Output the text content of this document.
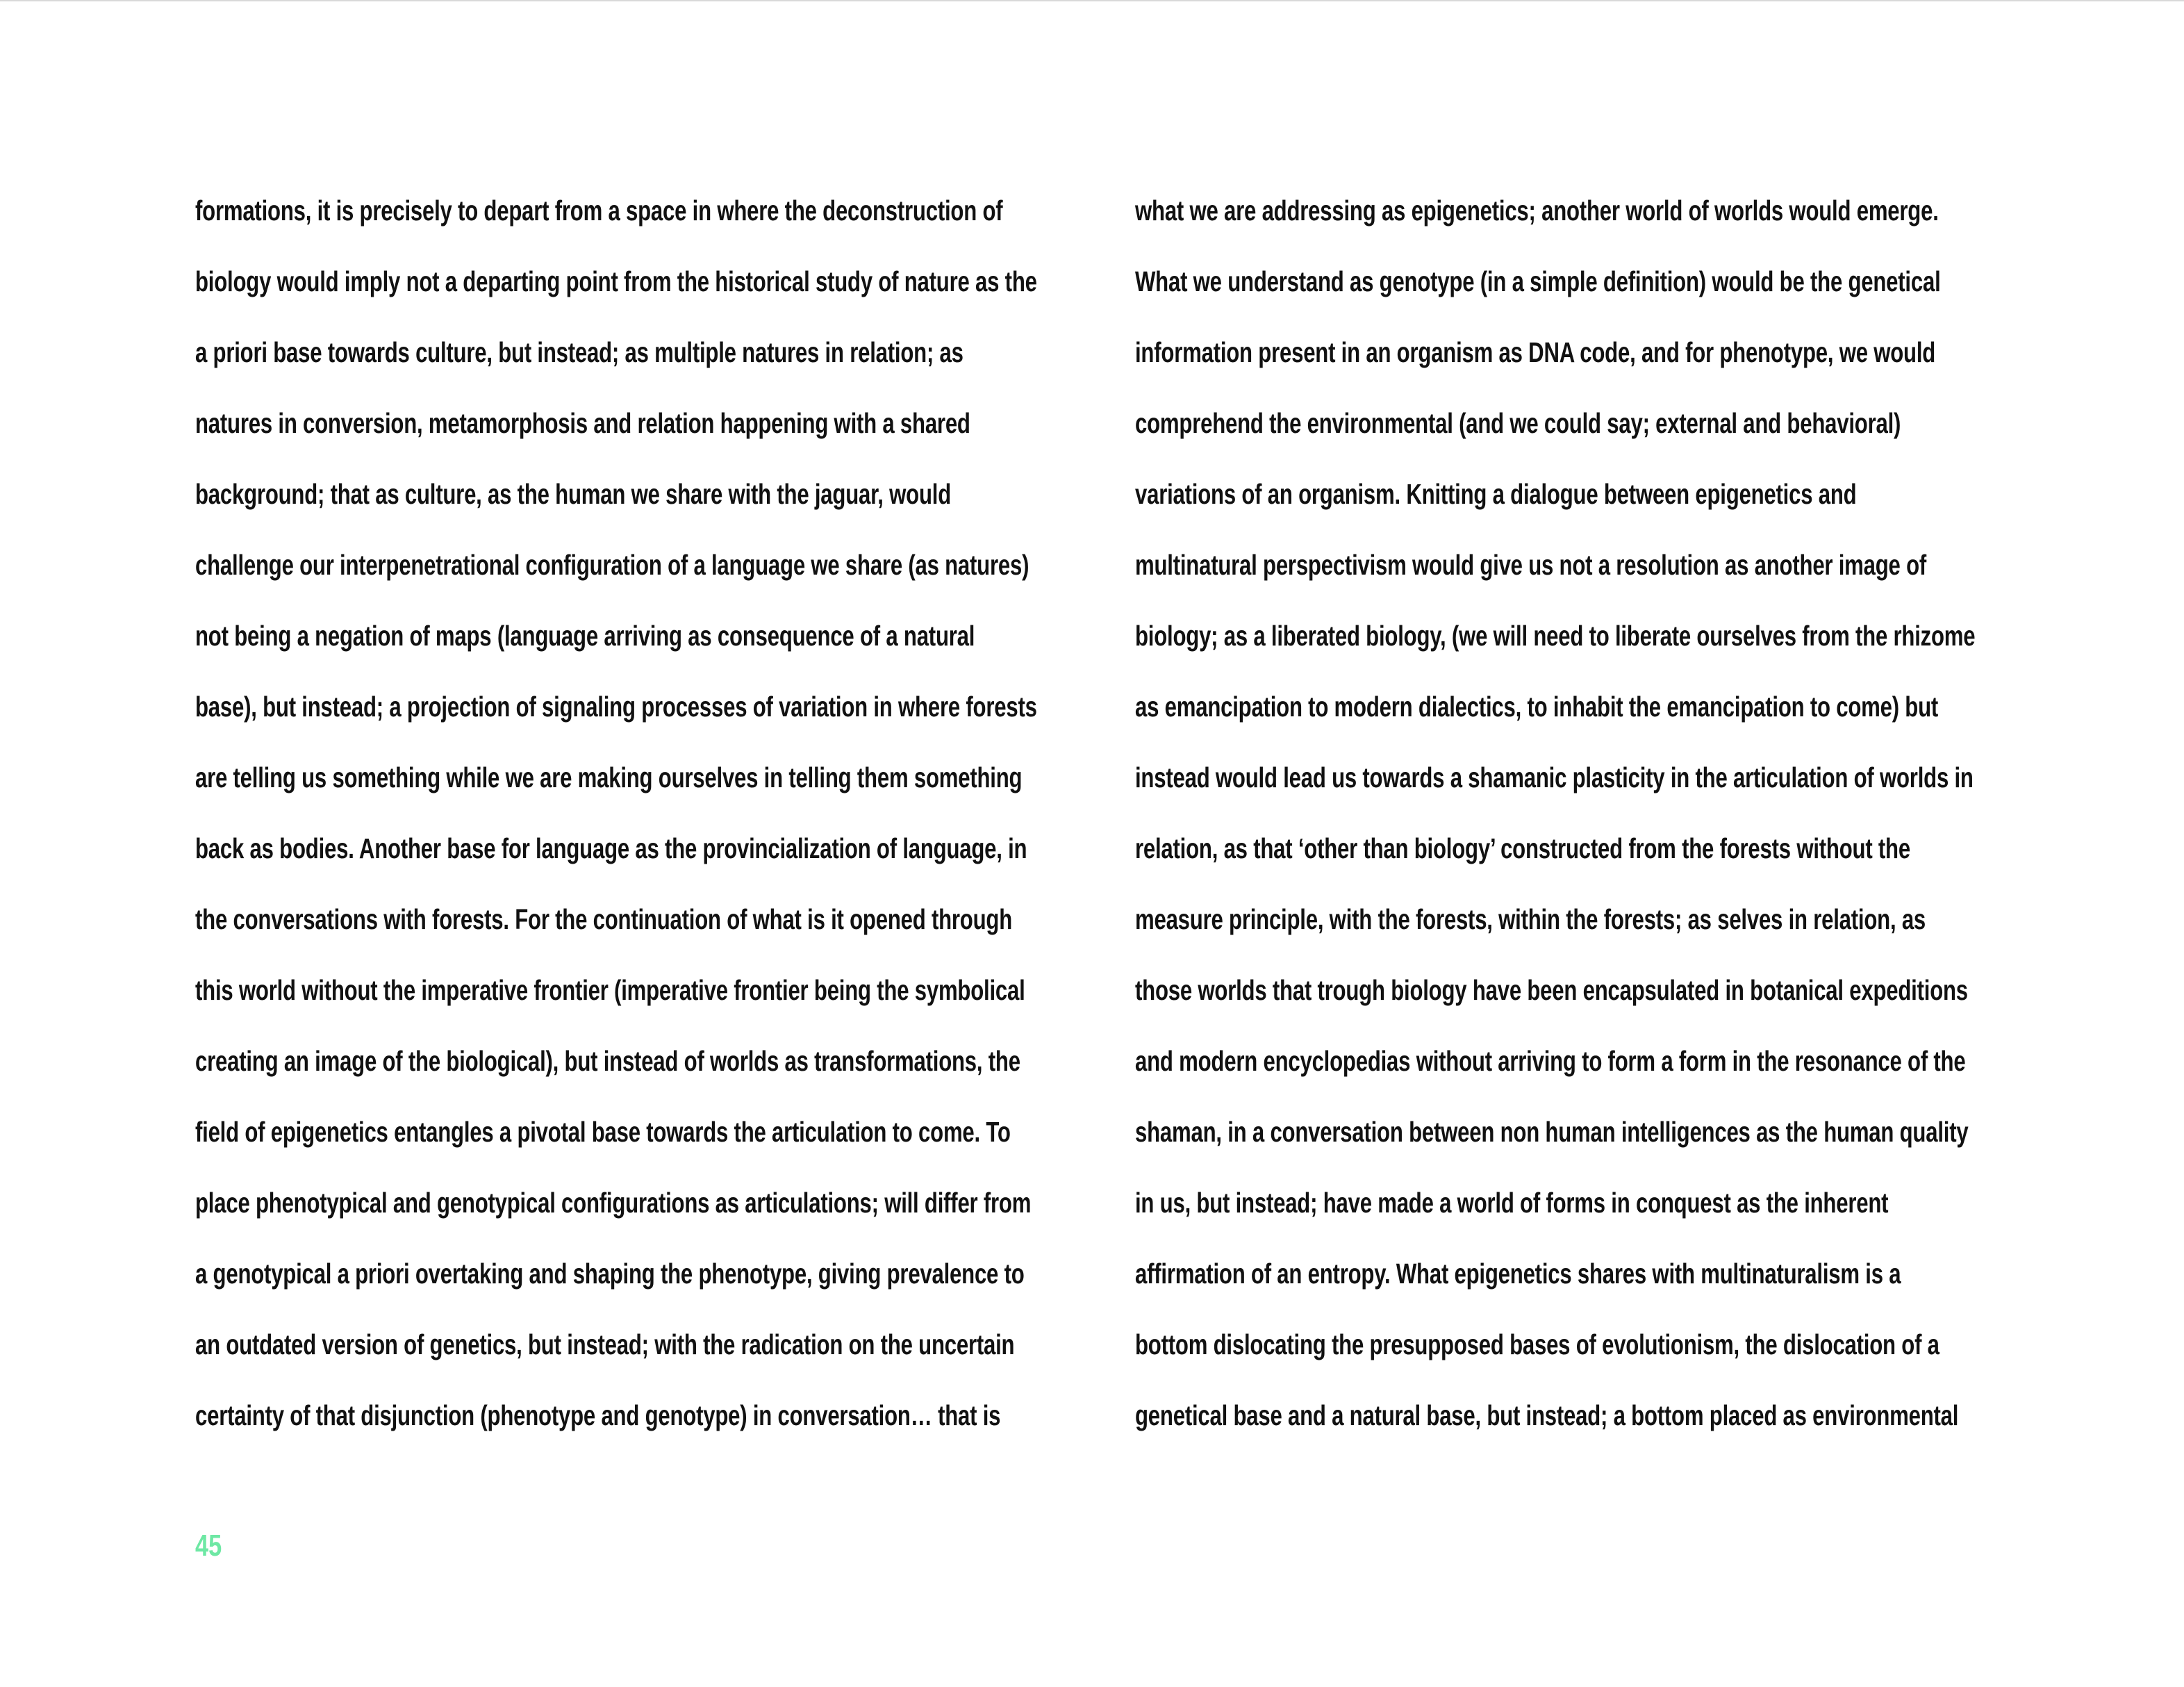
formations, it is precisely to depart from a space in where the deconstruction of
biology would imply not a departing point from the historical study of nature as the
a priori base towards culture, but instead; as multiple natures in relation; as
natures in conversion, metamorphosis and relation happening with a shared
background; that as culture, as the human we share with the jaguar, would
challenge our interpenetrational configuration of a language we share (as natures)
not being a negation of maps (language arriving as consequence of a natural
base), but instead; a projection of signaling processes of variation in where forests
are telling us something while we are making ourselves in telling them something
back as bodies. Another base for language as the provincialization of language, in
the conversations with forests. For the continuation of what is it opened through
this world without the imperative frontier (imperative frontier being the symbolical
creating an image of the biological), but instead of worlds as transformations, the
field of epigenetics entangles a pivotal base towards the articulation to come. To
place phenotypical and genotypical configurations as articulations; will differ from
a genotypical a priori overtaking and shaping the phenotype, giving prevalence to
an outdated version of genetics, but instead; with the radication on the uncertain
certainty of that disjunction (phenotype and genotype) in conversation… that is
what we are addressing as epigenetics; another world of worlds would emerge.
What we understand as genotype (in a simple definition) would be the genetical
information present in an organism as DNA code, and for phenotype, we would
comprehend the environmental (and we could say; external and behavioral)
variations of an organism. Knitting a dialogue between epigenetics and
multinatural perspectivism would give us not a resolution as another image of
biology; as a liberated biology, (we will need to liberate ourselves from the rhizome
as emancipation to modern dialectics, to inhabit the emancipation to come) but
instead would lead us towards a shamanic plasticity in the articulation of worlds in
relation, as that ‘other than biology’ constructed from the forests without the
measure principle, with the forests, within the forests; as selves in relation, as
those worlds that trough biology have been encapsulated in botanical expeditions
and modern encyclopedias without arriving to form a form in the resonance of the
shaman, in a conversation between non human intelligences as the human quality
in us, but instead; have made a world of forms in conquest as the inherent
affirmation of an entropy. What epigenetics shares with multinaturalism is a
bottom dislocating the presupposed bases of evolutionism, the dislocation of a
genetical base and a natural base, but instead; a bottom placed as environmental
45
